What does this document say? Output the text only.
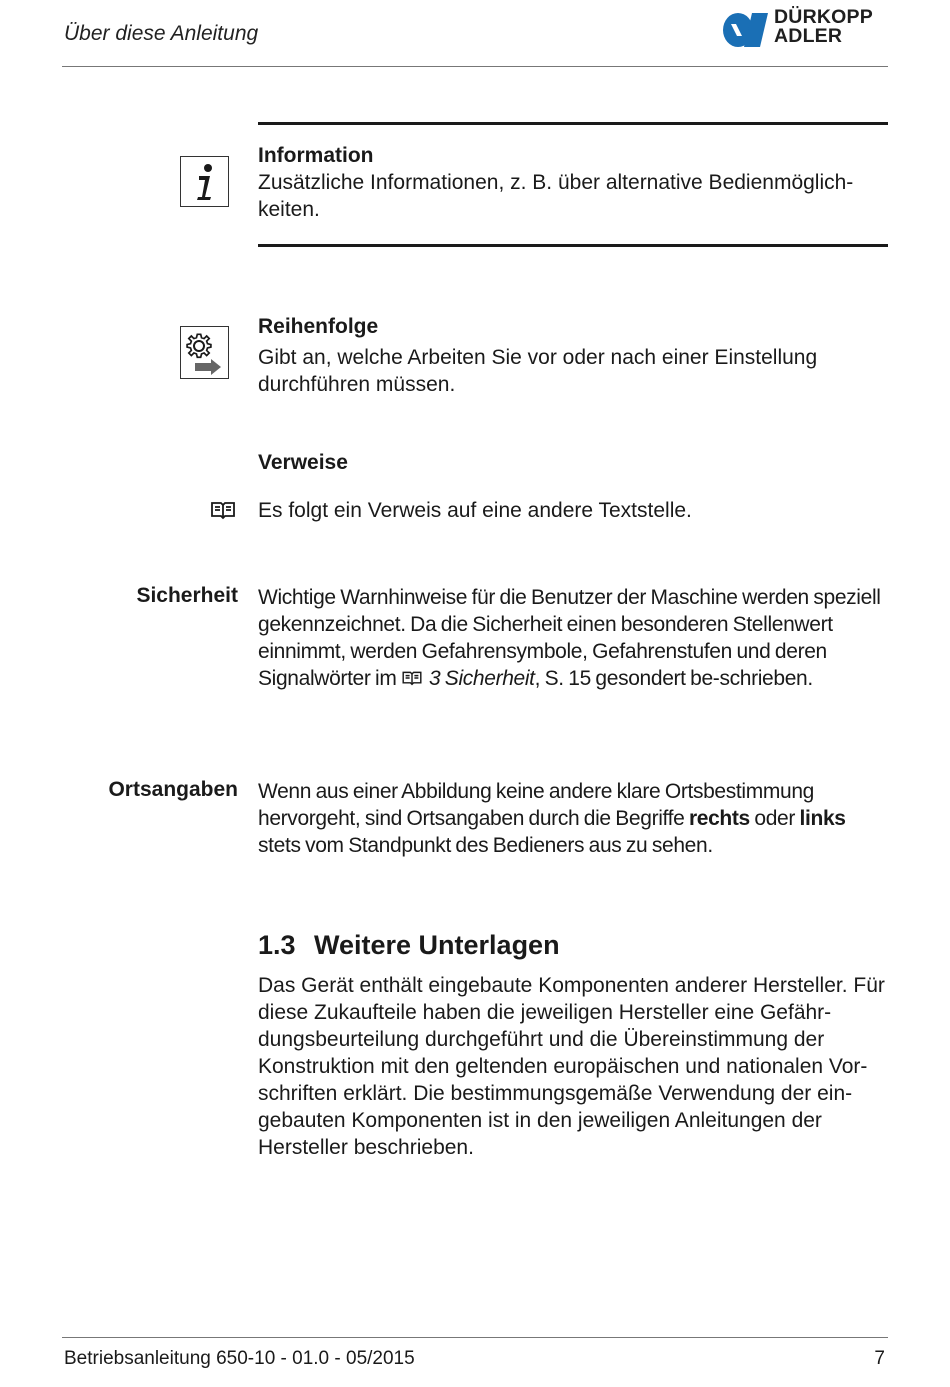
Über diese Anleitung
DÜRKOPP
ADLER
Information

Zusätzliche Informationen, z. B. über alternative Bedienmöglich-keiten.

Reihenfolge

Gibt an, welche Arbeiten Sie vor oder nach einer Einstellung durchführen müssen.

Verweise
Es folgt ein Verweis auf eine andere Textstelle.
Sicherheit Wichtige Warnhinweise für die Benutzer der Maschine werden speziell gekennzeichnet. Da die Sicherheit einen besonderen Stellenwert einnimmt, werden Gefahrensymbole, Gefahrenstufen und deren Signalwörter im 3 Sicherheit, S. 15 gesondert be-schrieben.

Ortsangaben Wenn aus einer Abbildung keine andere klare Ortsbestimmung hervorgeht, sind Ortsangaben durch die Begriffe rechts oder links stets vom Standpunkt des Bedieners aus zu sehen.

1.3 Weitere Unterlagen

Das Gerät enthält eingebaute Komponenten anderer Hersteller. Für diese Zukaufteile haben die jeweiligen Hersteller eine Gefähr-dungsbeurteilung durchgeführt und die Übereinstimmung der Konstruktion mit den geltenden europäischen und nationalen Vor-schriften erklärt. Die bestimmungsgemäße Verwendung der ein-gebauten Komponenten ist in den jeweiligen Anleitungen der Hersteller beschrieben.

Betriebsanleitung 650-10 - 01.0 - 05/2015	7
